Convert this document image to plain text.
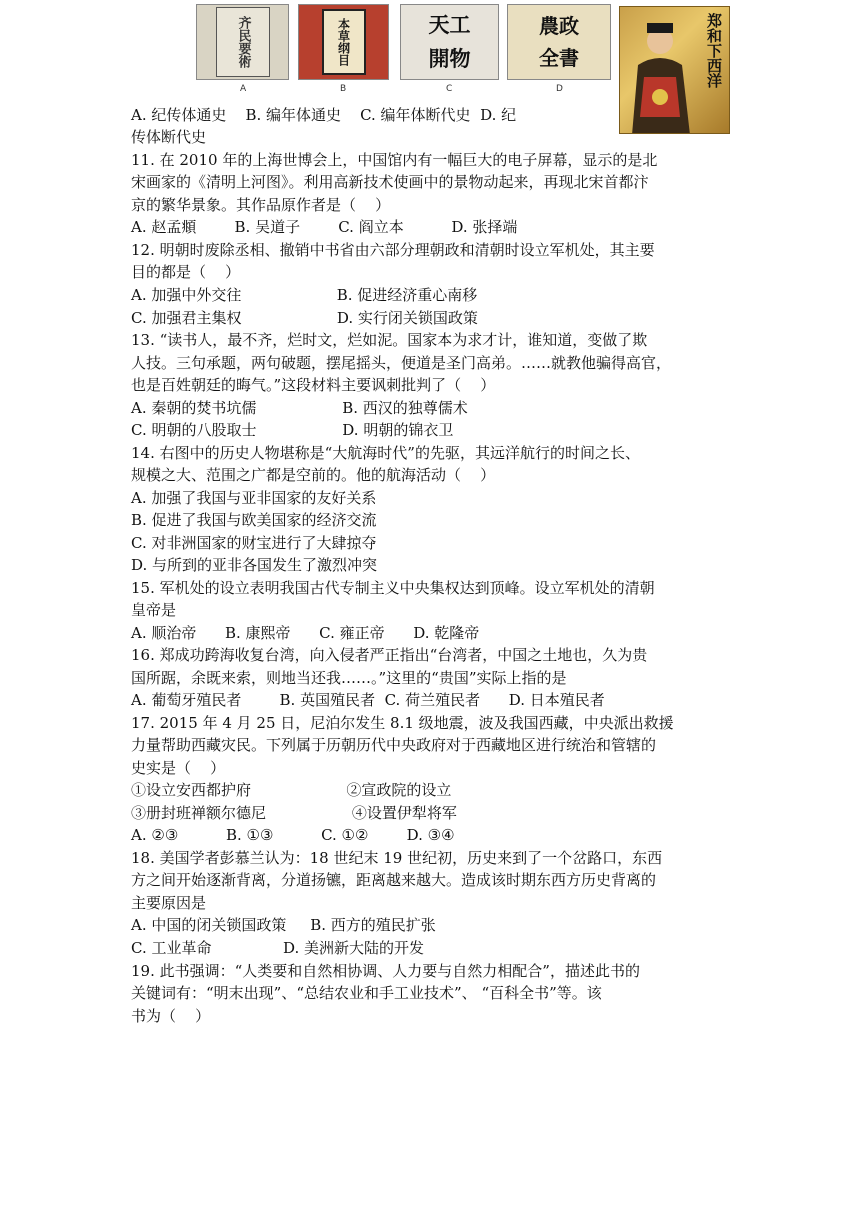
齐民要術
A
本草纲目
B
天工開物
C
農政全書
D
郑和下西洋
A. 纪传体通史    B. 编年体通史    C. 编年体断代史  D. 纪
传体断代史
11. 在 2010 年的上海世博会上，中国馆内有一幅巨大的电子屏幕，显示的是北
宋画家的《清明上河图》。利用高新技术使画中的景物动起来，再现北宋首都汴
京的繁华景象。其作品原作者是（    ）
A. 赵孟頫        B. 吴道子        C. 阎立本          D. 张择端
12. 明朝时废除丞相、撤销中书省由六部分理朝政和清朝时设立军机处，其主要
目的都是（    ）
A. 加强中外交往                    B. 促进经济重心南移
C. 加强君主集权                    D. 实行闭关锁国政策
13. “读书人，最不齐，烂时文，烂如泥。国家本为求才计，谁知道，变做了欺
人技。三句承题，两句破题，摆尾摇头，便道是圣门高弟。……就教他骗得高官，
也是百姓朝廷的晦气。”这段材料主要讽刺批判了（    ）
A. 秦朝的焚书坑儒                  B. 西汉的独尊儒术
C. 明朝的八股取士                  D. 明朝的锦衣卫
14. 右图中的历史人物堪称是“大航海时代”的先驱，其远洋航行的时间之长、
规模之大、范围之广都是空前的。他的航海活动（    ）
A. 加强了我国与亚非国家的友好关系
B. 促进了我国与欧美国家的经济交流
C. 对非洲国家的财宝进行了大肆掠夺
D. 与所到的亚非各国发生了激烈冲突
15. 军机处的设立表明我国古代专制主义中央集权达到顶峰。设立军机处的清朝
皇帝是
A. 顺治帝      B. 康熙帝      C. 雍正帝      D. 乾隆帝
16. 郑成功跨海收复台湾，向入侵者严正指出“台湾者，中国之土地也，久为贵
国所踞，余既来索，则地当还我……。”这里的“贵国”实际上指的是
A. 葡萄牙殖民者        B. 英国殖民者  C. 荷兰殖民者      D. 日本殖民者
17. 2015 年 4 月 25 日，尼泊尔发生 8.1 级地震，波及我国西藏，中央派出救援
力量帮助西藏灾民。下列属于历朝历代中央政府对于西藏地区进行统治和管辖的
史实是（    ）
①设立安西都护府                    ②宣政院的设立
③册封班禅额尔德尼                  ④设置伊犁将军
A. ②③          B. ①③          C. ①②        D. ③④
18. 美国学者彭慕兰认为：18 世纪末 19 世纪初，历史来到了一个岔路口，东西
方之间开始逐渐背离，分道扬镳，距离越来越大。造成该时期东西方历史背离的
主要原因是
A. 中国的闭关锁国政策     B. 西方的殖民扩张
C. 工业革命               D. 美洲新大陆的开发
19. 此书强调：“人类要和自然相协调、人力要与自然力相配合”，描述此书的
关键词有：“明末出现”、“总结农业和手工业技术”、 “百科全书”等。该
书为（    ）
